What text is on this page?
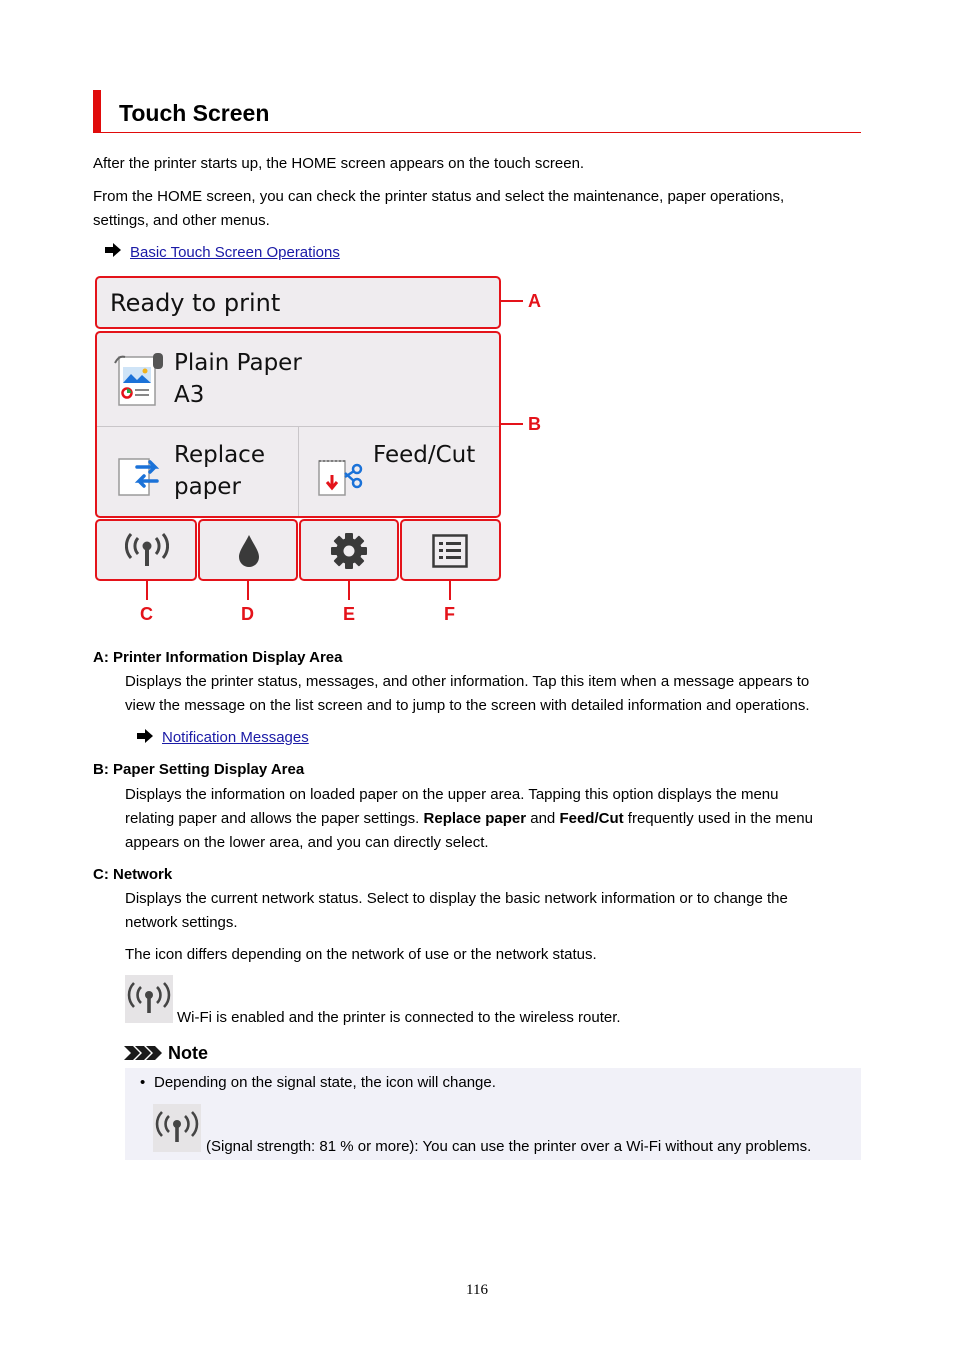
Touch Screen
After the printer starts up, the HOME screen appears on the touch screen.
From the HOME screen, you can check the printer status and select the maintenance, paper operations,
settings, and other menus.
Basic Touch Screen Operations
Ready to print
Plain Paper
A3
Replace
paper
Feed/Cut
A
B
C	D	E	F
A: Printer Information Display Area
Displays the printer status, messages, and other information. Tap this item when a message appears to
view the message on the list screen and to jump to the screen with detailed information and operations.
Notification Messages
B: Paper Setting Display Area
Displays the information on loaded paper on the upper area. Tapping this option displays the menu
relating paper and allows the paper settings. Replace paper and Feed/Cut frequently used in the menu
appears on the lower area, and you can directly select.
C: Network
Displays the current network status. Select to display the basic network information or to change the
network settings.
The icon differs depending on the network of use or the network status.
Wi-Fi is enabled and the printer is connected to the wireless router.
Note
• Depending on the signal state, the icon will change.
(Signal strength: 81 % or more): You can use the printer over a Wi-Fi without any problems.
116
